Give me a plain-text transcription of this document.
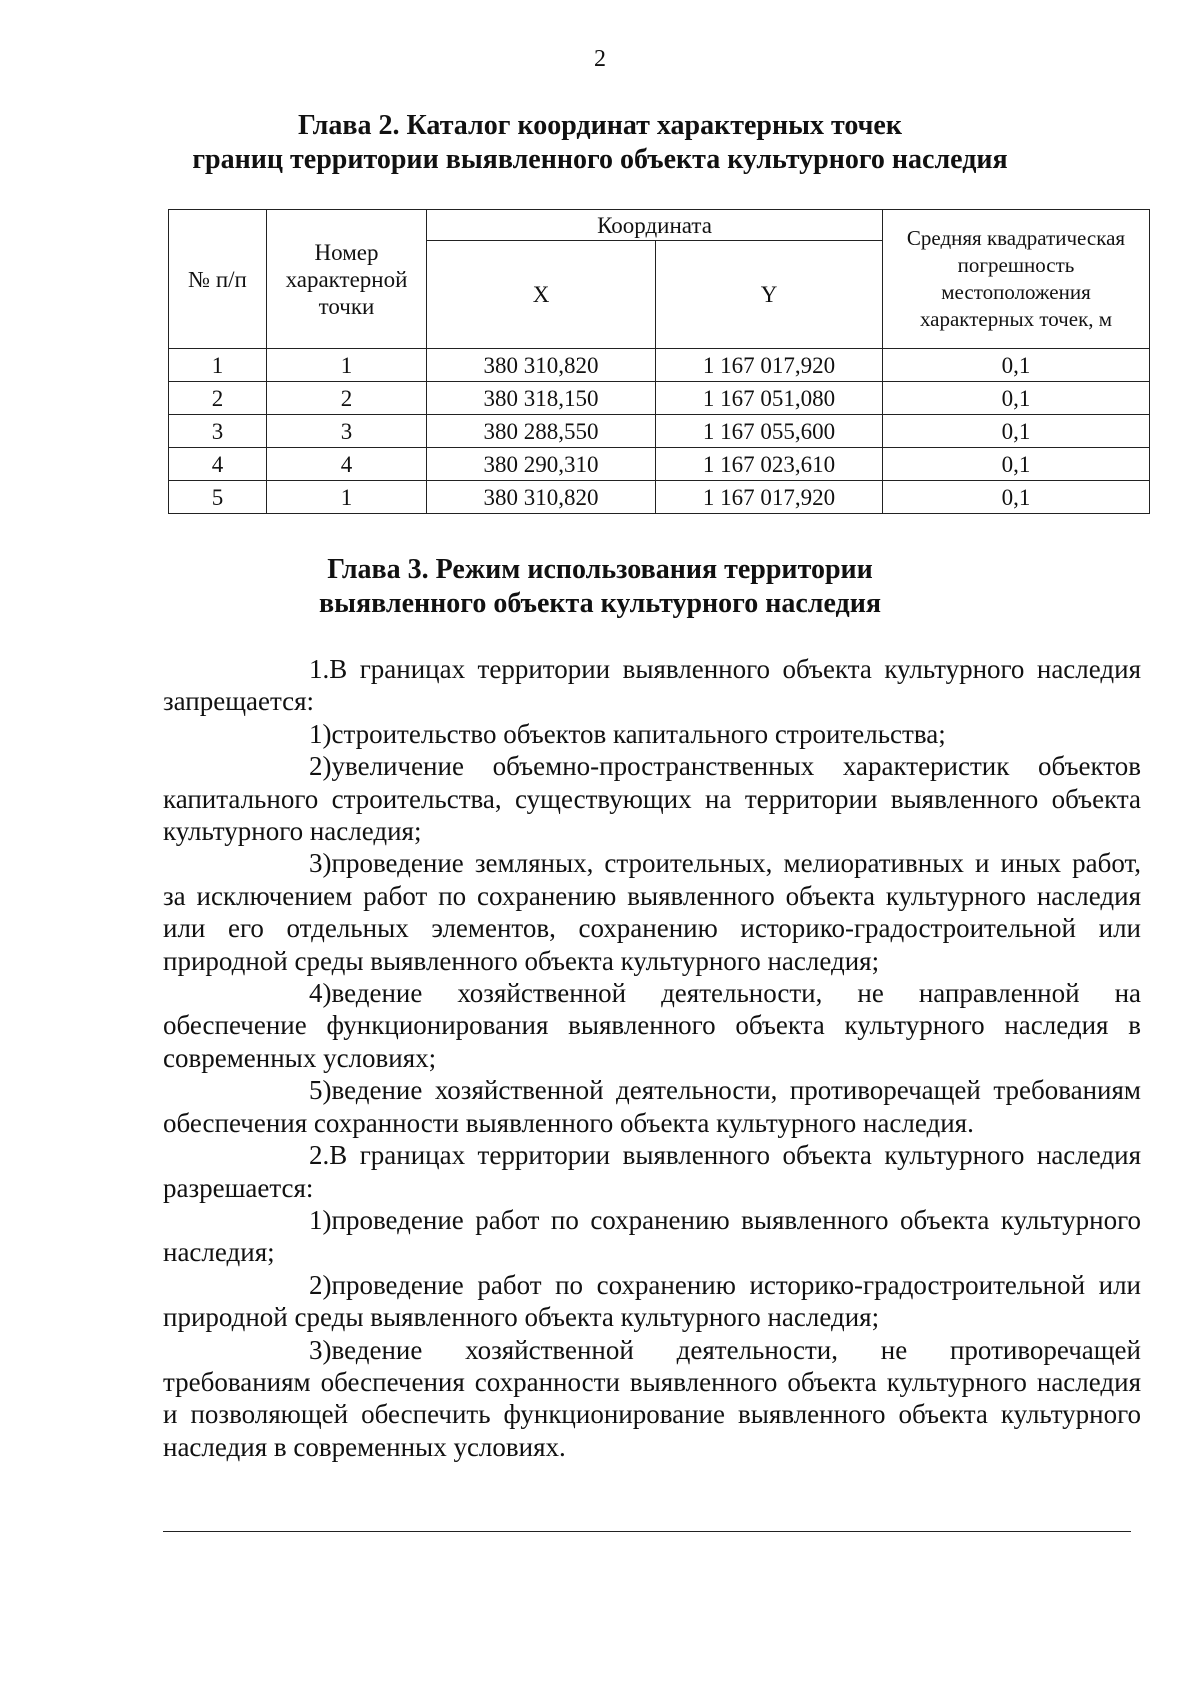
2
Глава 2. Каталог координат характерных точек
границ территории выявленного объекта культурного наследия
№ п/п	Номер характерной точки	Координата		Средняя квадратическая погрешность местоположения характерных точек, м
		X	Y	
1	1	380 310,820	1 167 017,920	0,1
2	2	380 318,150	1 167 051,080	0,1
3	3	380 288,550	1 167 055,600	0,1
4	4	380 290,310	1 167 023,610	0,1
5	1	380 310,820	1 167 017,920	0,1
Глава 3. Режим использования территории
выявленного объекта культурного наследия

1.В границах территории выявленного объекта культурного наследия запрещается:

1)строительство объектов капитального строительства;

2)увеличение объемно-пространственных характеристик объектов капитального строительства, существующих на территории выявленного объекта культурного наследия;

3)проведение земляных, строительных, мелиоративных и иных работ, за исключением работ по сохранению выявленного объекта культурного наследия или его отдельных элементов, сохранению историко-градостроительной или природной среды выявленного объекта культурного наследия;

4)ведение хозяйственной деятельности, не направленной на обеспечение функционирования выявленного объекта культурного наследия в современных условиях;

5)ведение хозяйственной деятельности, противоречащей требованиям обеспечения сохранности выявленного объекта культурного наследия.

2.В границах территории выявленного объекта культурного наследия разрешается:

1)проведение работ по сохранению выявленного объекта культурного наследия;

2)проведение работ по сохранению историко-градостроительной или природной среды выявленного объекта культурного наследия;

3)ведение хозяйственной деятельности, не противоречащей требованиям обеспечения сохранности выявленного объекта культурного наследия и позволяющей обеспечить функционирование выявленного объекта культурного наследия в современных условиях.
